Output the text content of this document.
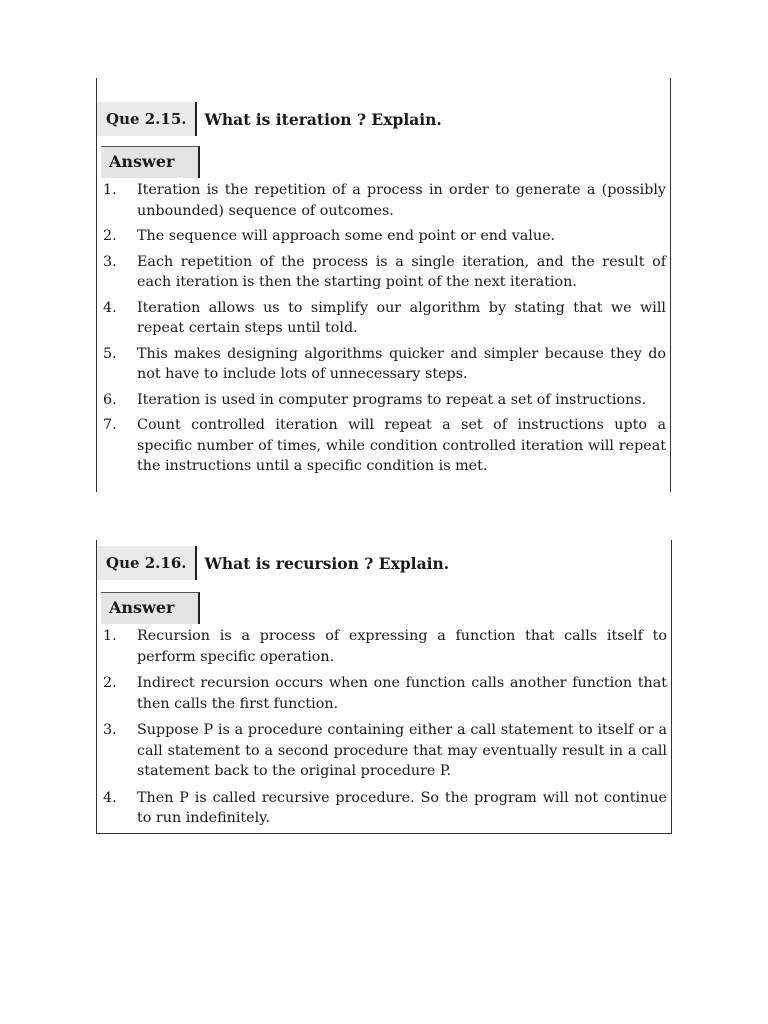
Que 2.15.	What is iteration ? Explain.
Answer
1. Iteration is the repetition of a process in order to generate a (possibly unbounded) sequence of outcomes.
2. The sequence will approach some end point or end value.
3. Each repetition of the process is a single iteration, and the result of each iteration is then the starting point of the next iteration.
4. Iteration allows us to simplify our algorithm by stating that we will repeat certain steps until told.
5. This makes designing algorithms quicker and simpler because they do not have to include lots of unnecessary steps.
6. Iteration is used in computer programs to repeat a set of instructions.
7. Count controlled iteration will repeat a set of instructions upto a specific number of times, while condition controlled iteration will repeat the instructions until a specific condition is met.
Que 2.16.	What is recursion ? Explain.
Answer
1. Recursion is a process of expressing a function that calls itself to perform specific operation.
2. Indirect recursion occurs when one function calls another function that then calls the first function.
3. Suppose P is a procedure containing either a call statement to itself or a call statement to a second procedure that may eventually result in a call statement back to the original procedure P.
4. Then P is called recursive procedure. So the program will not continue to run indefinitely.
